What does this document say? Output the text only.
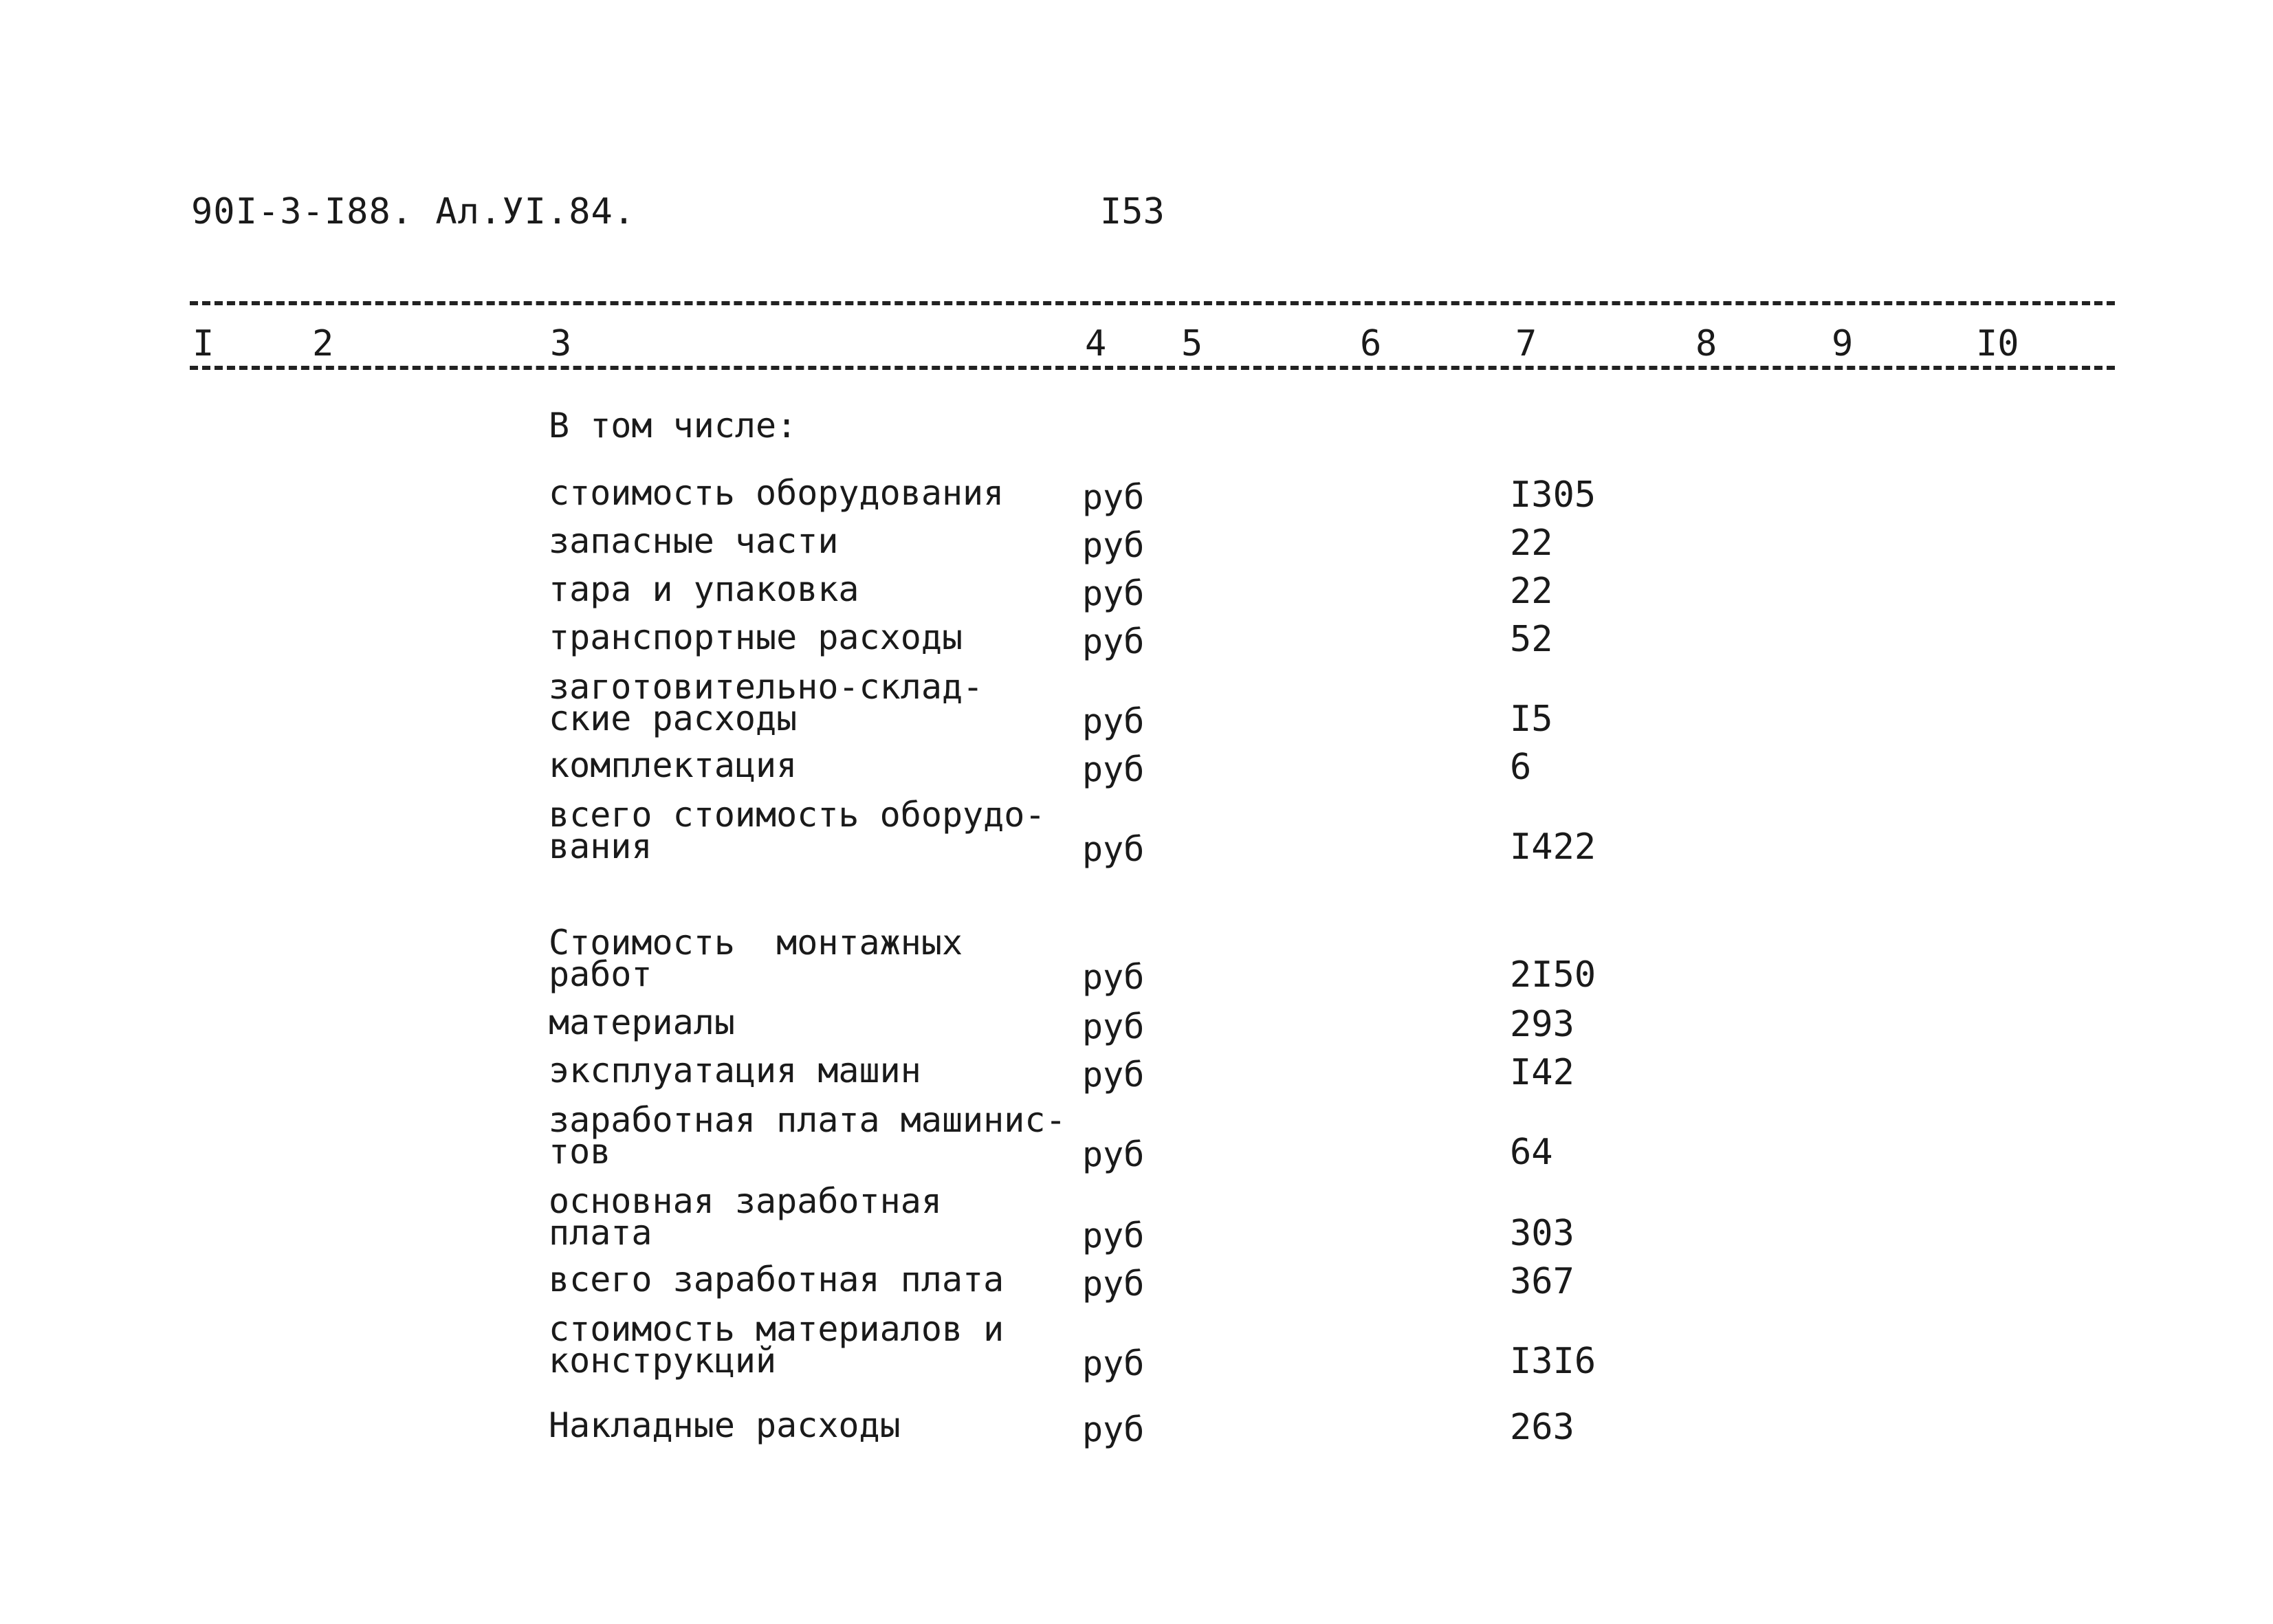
90I-3-I88. Ал.УI.84.	I53
I	2	3	4 5	6	7	8	9	I0
В том числе:
стоимость оборудования руб	I305
запасные части	руб	22
тара и упаковка	руб	22
транспортные расходы	руб	52
заготовительно-склад-
ские расходы	руб	I5
комплектация	руб	6
всего стоимость оборудо-
вания	руб	I422
Стоимость  монтажных
работ	руб	2I50
материалы	руб	293
эксплуатация машин	руб	I42
заработная плата машинис-
тов	руб	64
основная заработная
плата	руб	303
всего заработная плата руб	367
стоимость материалов и
конструкций	руб	I3I6
Накладные расходы	руб	263
